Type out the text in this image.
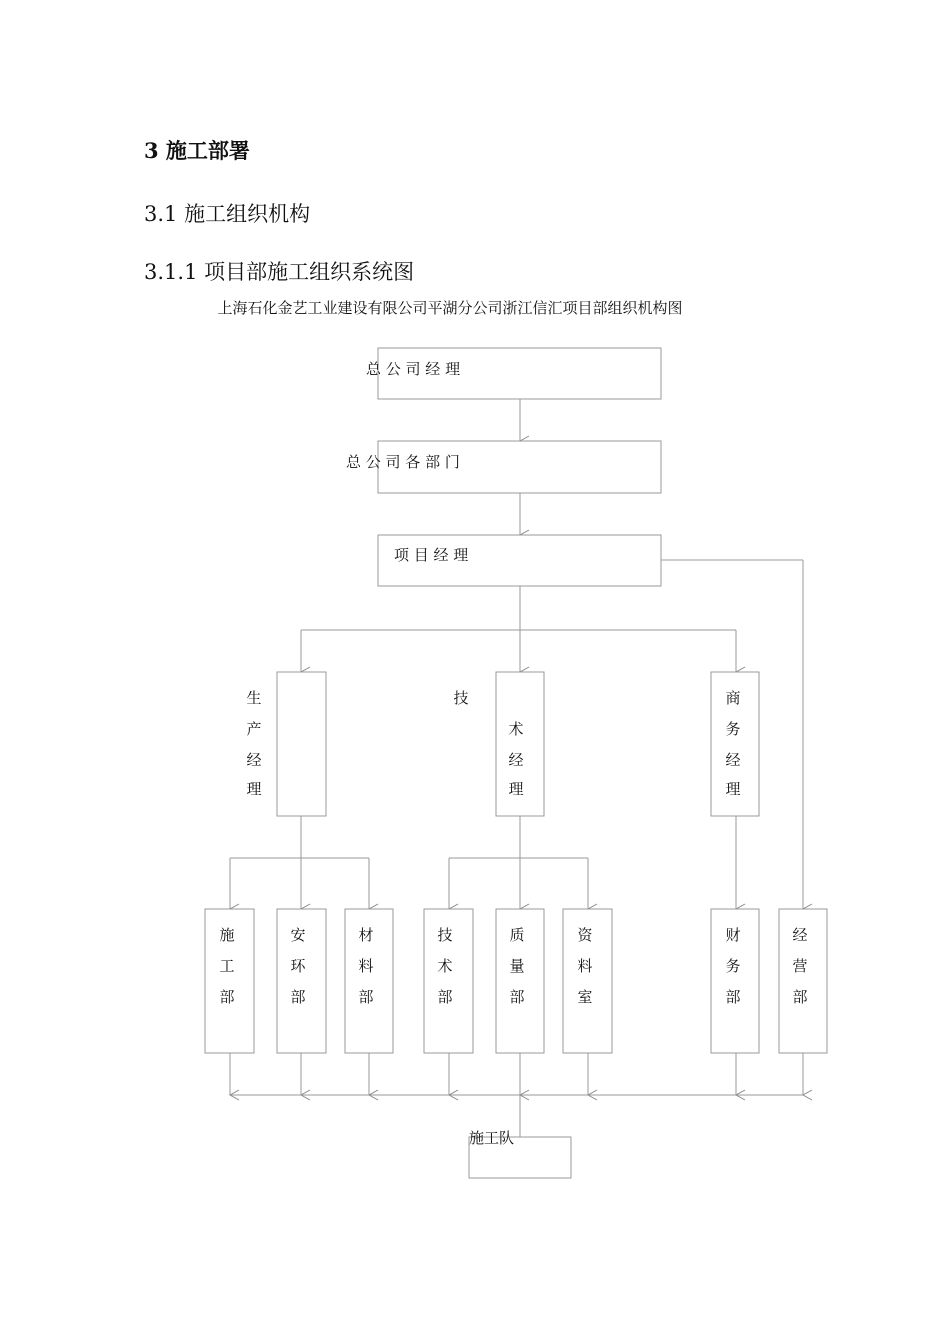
3 施工部署
3.1 施工组织机构
3.1.1 项目部施工组织系统图
上海石化金艺工业建设有限公司平湖分公司浙江信汇项目部组织机构图
总 公 司 经 理
总 公 司 各 部 门
项 目 经 理
施工队
生产经理
技术经理
商务经理
施工部
安环部
材料部
技术部
质量部
资料室
财务部
经营部
